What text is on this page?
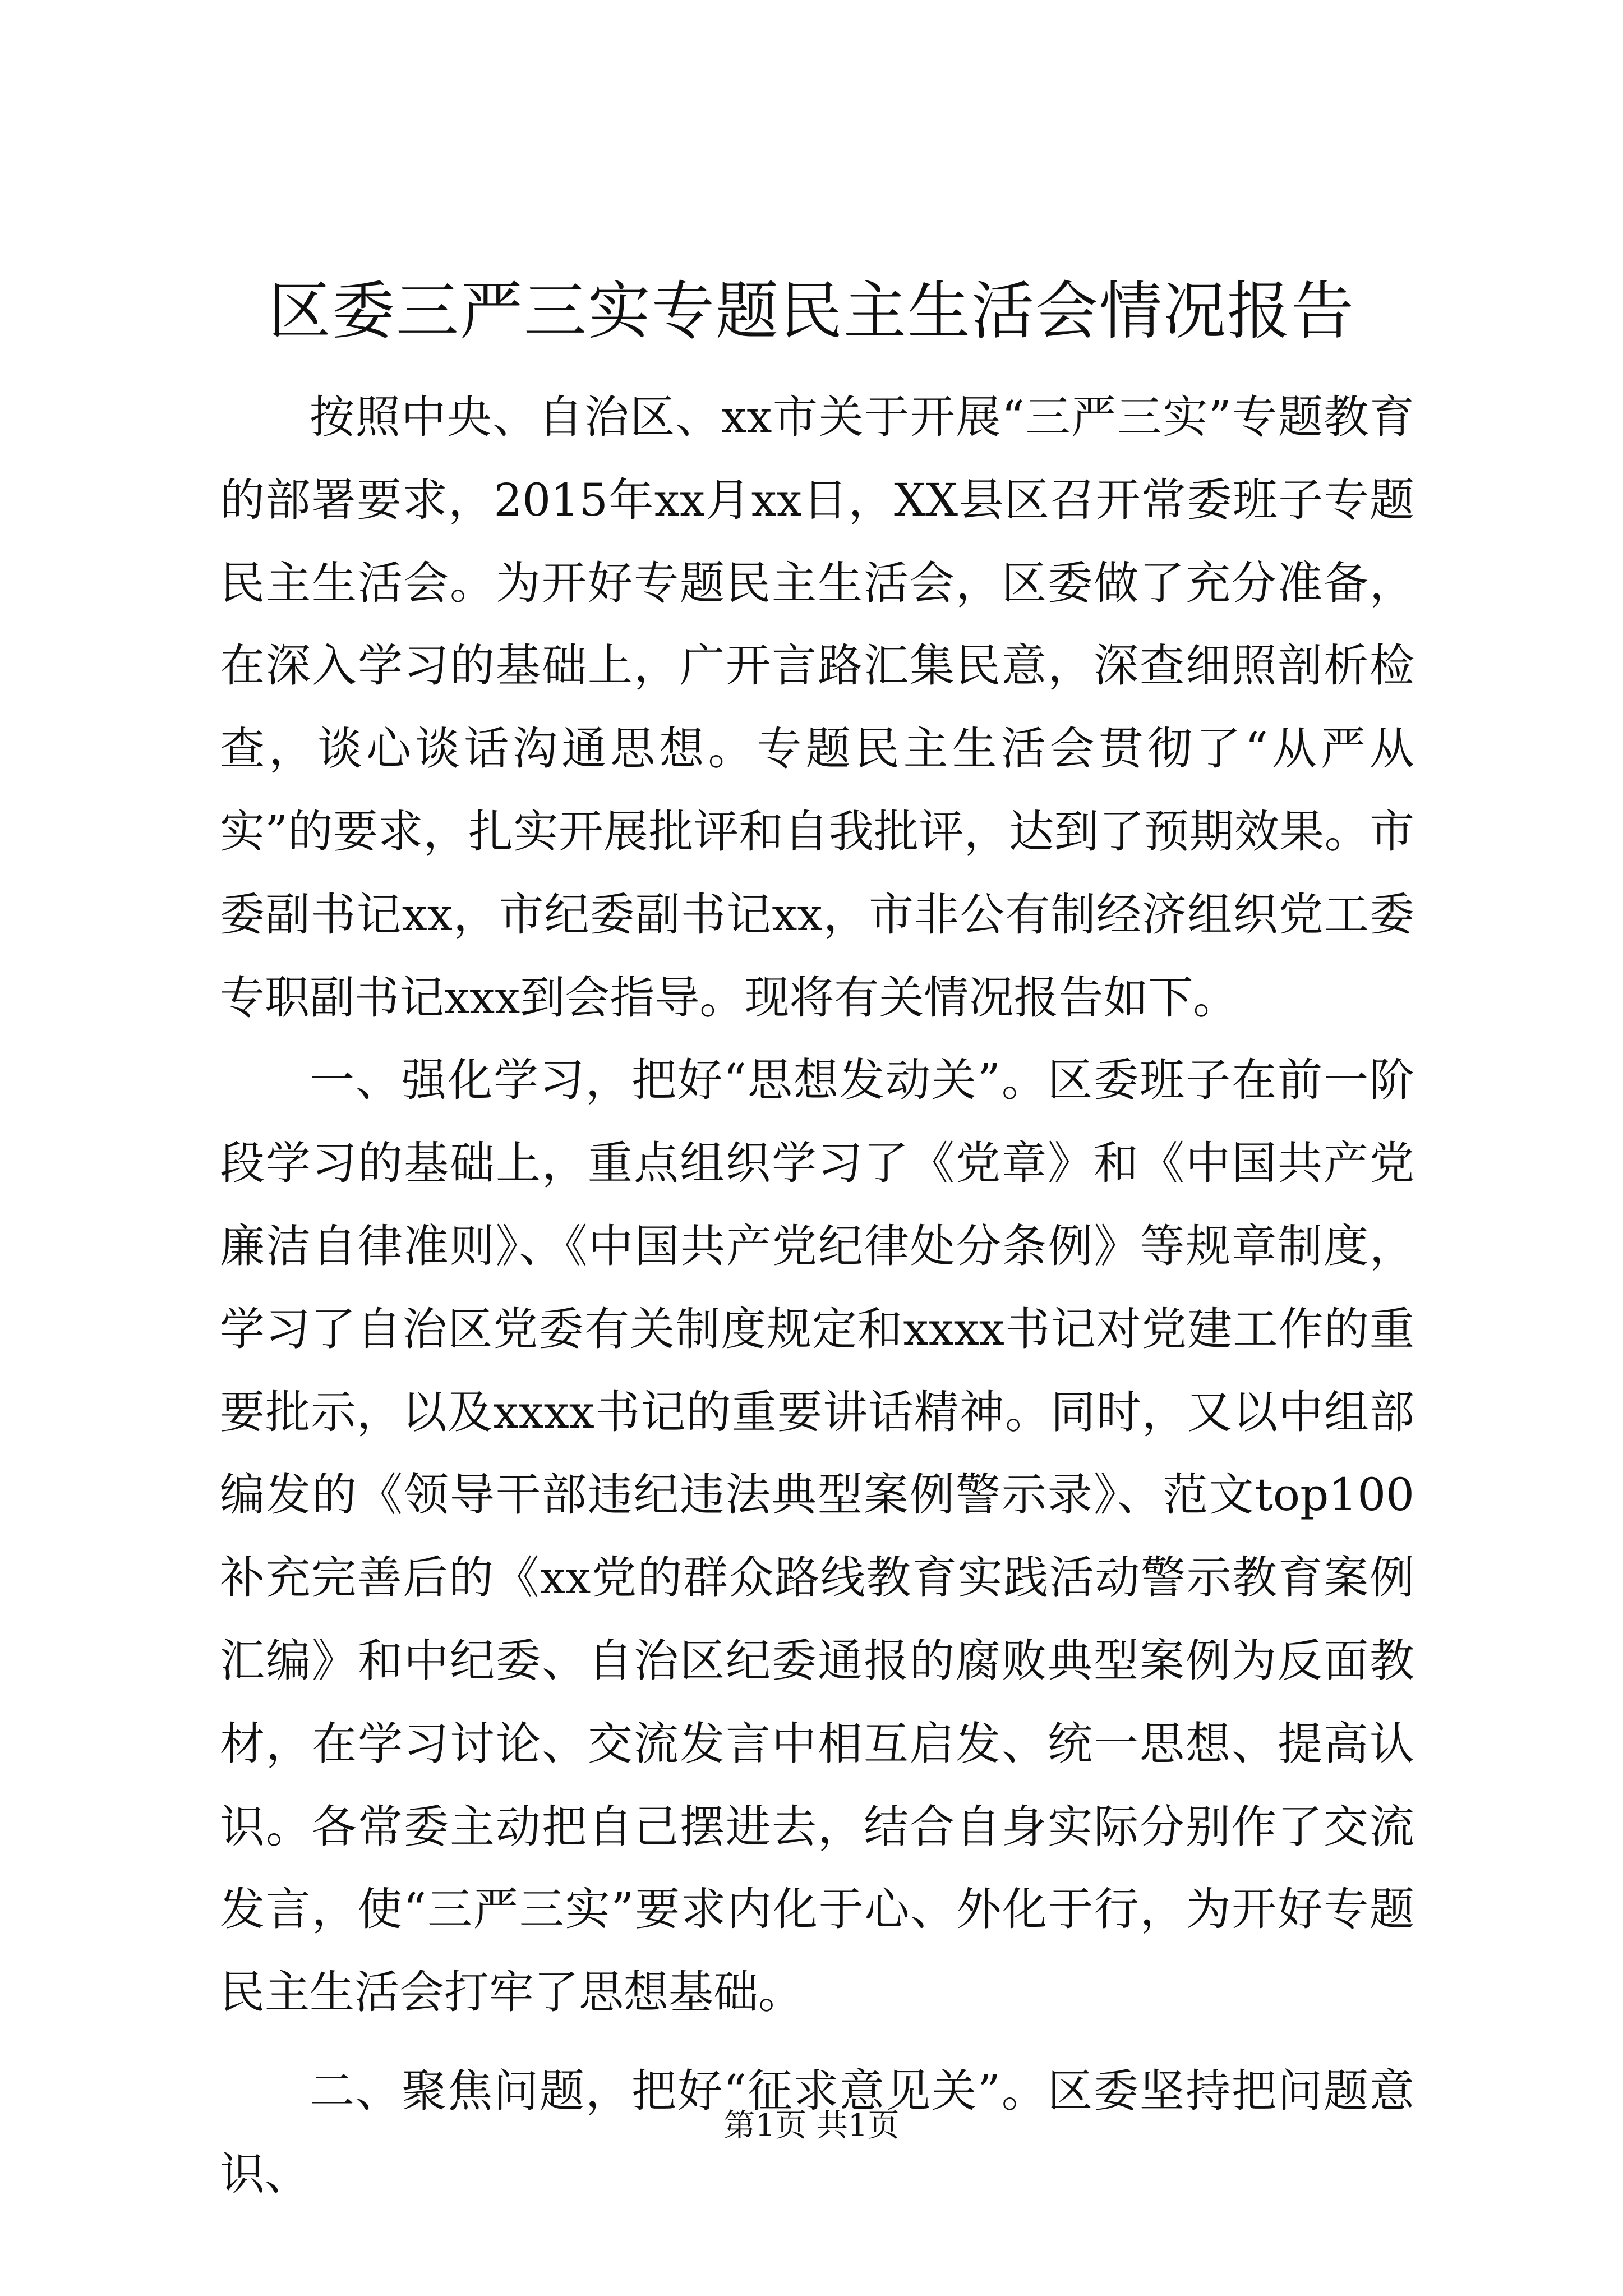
区委三严三实专题民主生活会情况报告

按照中央、自治区、xx市关于开展“三严三实”专题教育的部署要求，2015年xx月xx日，XX县区召开常委班子专题民主生活会。为开好专题民主生活会，区委做了充分准备，在深入学习的基础上，广开言路汇集民意，深查细照剖析检查，谈心谈话沟通思想。专题民主生活会贯彻了“从严从实”的要求，扎实开展批评和自我批评，达到了预期效果。市委副书记xx，市纪委副书记xx，市非公有制经济组织党工委专职副书记xxx到会指导。现将有关情况报告如下。

一、强化学习，把好“思想发动关”。区委班子在前一阶段学习的基础上，重点组织学习了《党章》和《中国共产党廉洁自律准则》、《中国共产党纪律处分条例》等规章制度，学习了自治区党委有关制度规定和xxxx书记对党建工作的重要批示，以及xxxx书记的重要讲话精神。同时，又以中组部编发的《领导干部违纪违法典型案例警示录》、范文top100补充完善后的《xx党的群众路线教育实践活动警示教育案例汇编》和中纪委、自治区纪委通报的腐败典型案例为反面教材，在学习讨论、交流发言中相互启发、统一思想、提高认识。各常委主动把自己摆进去，结合自身实际分别作了交流发言，使“三严三实”要求内化于心、外化于行，为开好专题民主生活会打牢了思想基础。

二、聚焦问题，把好“征求意见关”。区委坚持把问题意识、

第1页 共1页
